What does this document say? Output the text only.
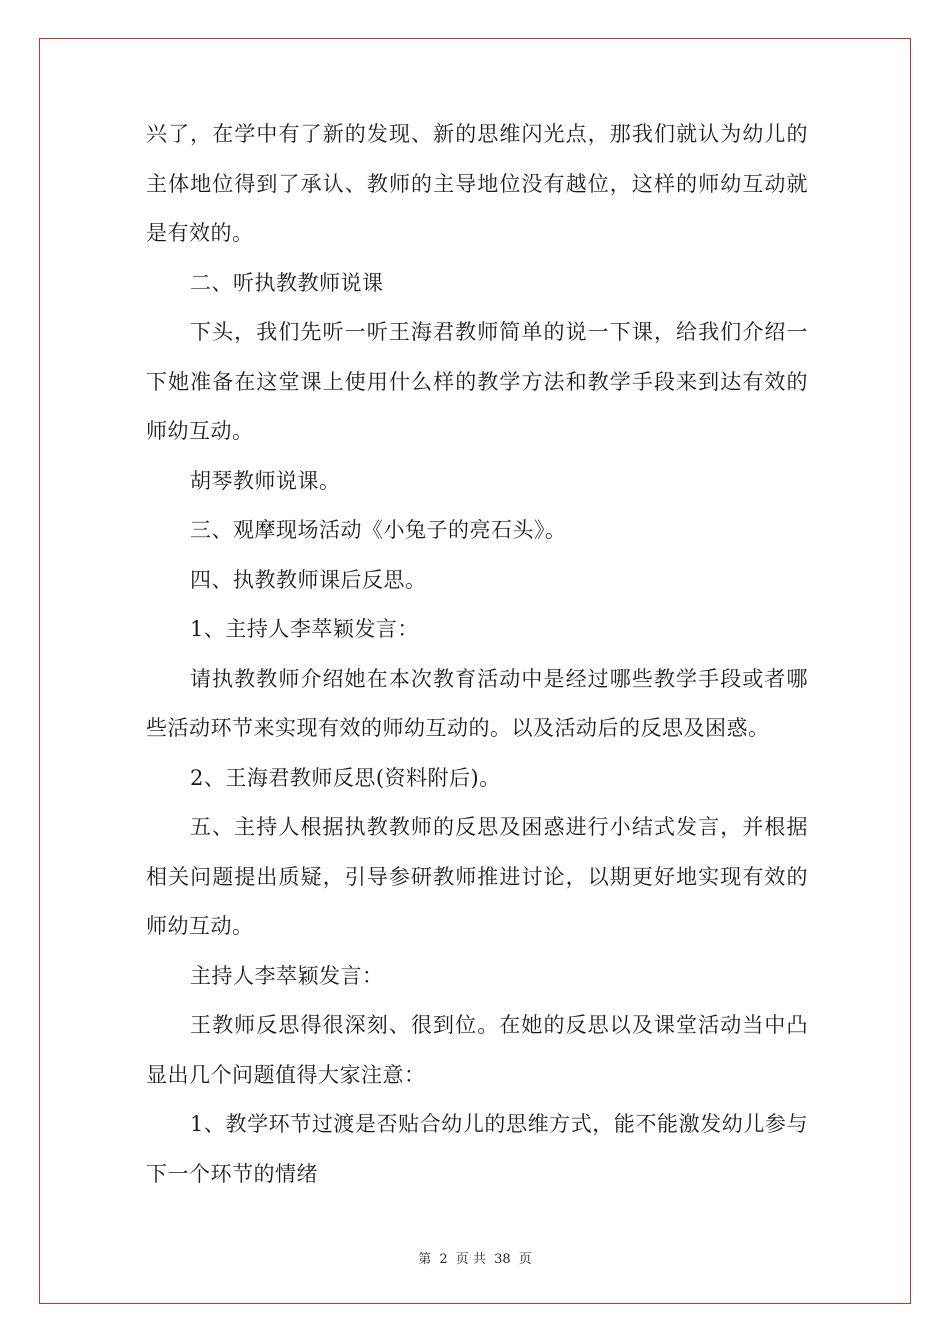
兴了，在学中有了新的发现、新的思维闪光点，那我们就认为幼儿的主体地位得到了承认、教师的主导地位没有越位，这样的师幼互动就是有效的。

二、听执教教师说课

下头，我们先听一听王海君教师简单的说一下课，给我们介绍一下她准备在这堂课上使用什么样的教学方法和教学手段来到达有效的师幼互动。

胡琴教师说课。

三、观摩现场活动《小兔子的亮石头》。

四、执教教师课后反思。

1、主持人李萃颖发言：

请执教教师介绍她在本次教育活动中是经过哪些教学手段或者哪些活动环节来实现有效的师幼互动的。以及活动后的反思及困惑。

2、王海君教师反思(资料附后)。

五、主持人根据执教教师的反思及困惑进行小结式发言，并根据相关问题提出质疑，引导参研教师推进讨论，以期更好地实现有效的师幼互动。

主持人李萃颖发言：

王教师反思得很深刻、很到位。在她的反思以及课堂活动当中凸显出几个问题值得大家注意：

1、教学环节过渡是否贴合幼儿的思维方式，能不能激发幼儿参与下一个环节的情绪

第 2 页 共 38 页
